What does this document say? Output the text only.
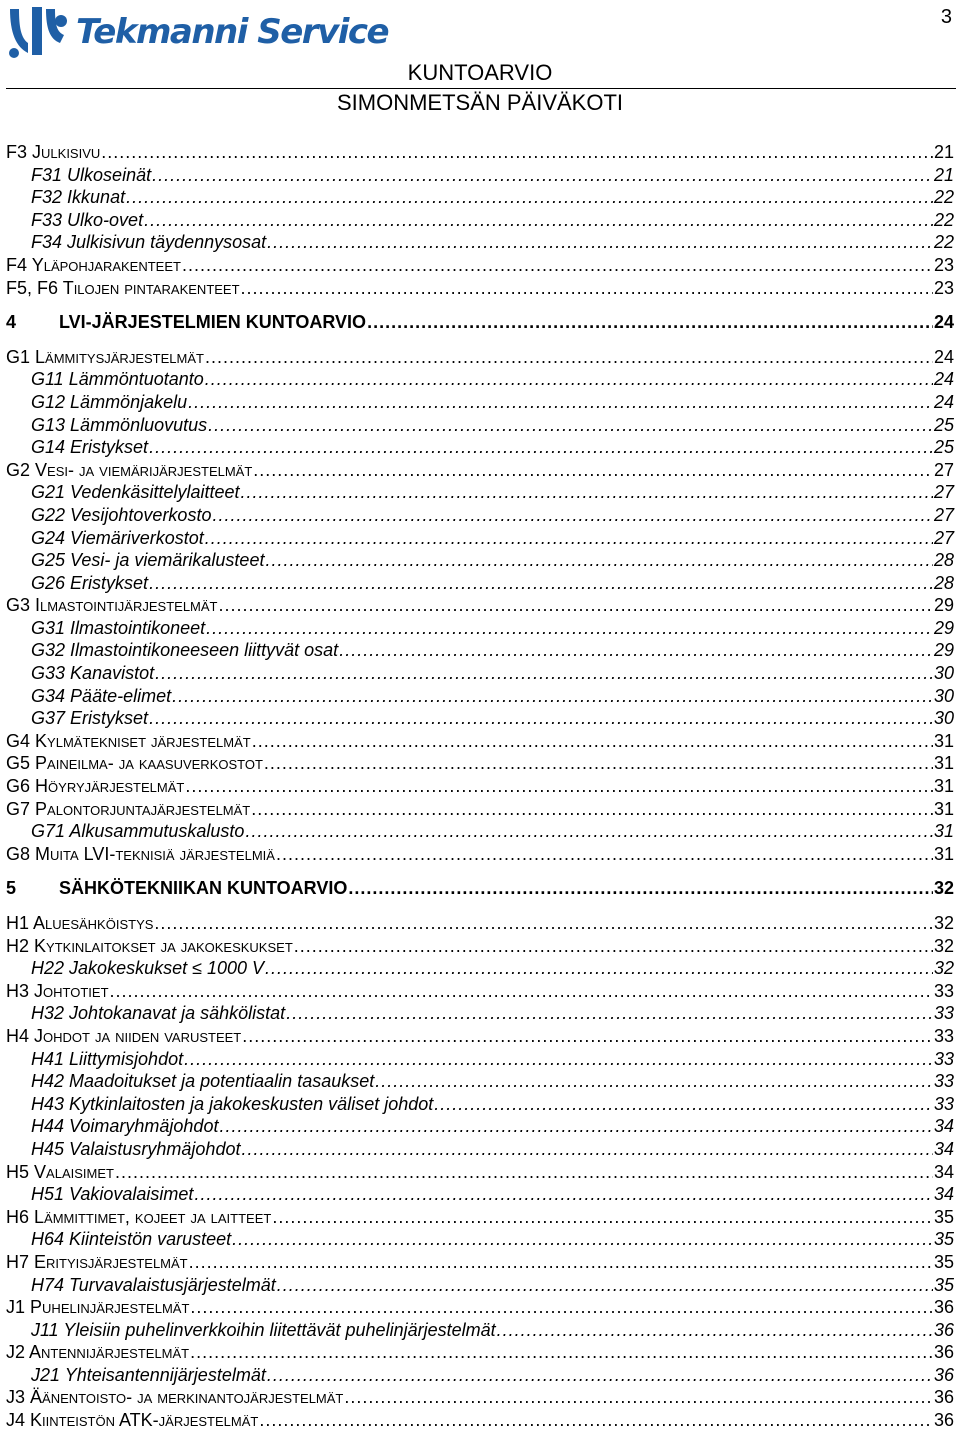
Tekmanni Service	3
KUNTOARVIO
SIMONMETSÄN PÄIVÄKOTI
F3 Julkisivu .....	21
F31 Ulkoseinät .....	21
F32 Ikkunat .....	22
F33 Ulko-ovet .....	22
F34 Julkisivun täydennysosat .....	22
F4 Yläpohjarakenteet .....	23
F5, F6 Tilojen pintarakenteet .....	23
4 LVI-JÄRJESTELMIEN KUNTOARVIO .....	24
G1 Lämmitysjärjestelmät .....	24
G11 Lämmöntuotanto .....	24
G12 Lämmönjakelu .....	24
G13 Lämmönluovutus .....	25
G14 Eristykset .....	25
G2 Vesi- ja viemärijärjestelmät .....	27
G21 Vedenkäsittelylaitteet .....	27
G22 Vesijohtoverkosto .....	27
G24 Viemäriverkostot .....	27
G25 Vesi- ja viemärikalusteet .....	28
G26 Eristykset .....	28
G3 Ilmastointijärjestelmät .....	29
G31 Ilmastointikoneet .....	29
G32 Ilmastointikoneeseen liittyvät osat .....	29
G33 Kanavistot .....	30
G34 Pääte-elimet .....	30
G37 Eristykset .....	30
G4 Kylmätekniset järjestelmät .....	31
G5 Paineilma- ja kaasuverkostot .....	31
G6 Höyryjärjestelmät .....	31
G7 Palontorjuntajärjestelmät .....	31
G71 Alkusammutuskalusto .....	31
G8 Muita LVI-teknisiä järjestelmiä .....	31
5 SÄHKÖTEKNIIKAN KUNTOARVIO .....	32
H1 Aluesähköistys .....	32
H2 Kytkinlaitokset ja jakokeskukset .....	32
H22 Jakokeskukset ≤ 1000 V .....	32
H3 Johtotiet .....	33
H32 Johtokanavat ja sähkölistat .....	33
H4 Johdot ja niiden varusteet .....	33
H41 Liittymisjohdot .....	33
H42 Maadoitukset ja potentiaalin tasaukset .....	33
H43 Kytkinlaitosten ja jakokeskusten väliset johdot .....	33
H44 Voimaryhmäjohdot .....	34
H45 Valaistusryhmäjohdot .....	34
H5 Valaisimet .....	34
H51 Vakiovalaisimet .....	34
H6 Lämmittimet, kojeet ja laitteet .....	35
H64 Kiinteistön varusteet .....	35
H7 Erityisjärjestelmät .....	35
H74 Turvavalaistusjärjestelmät .....	35
J1 Puhelinjärjestelmät .....	36
J11 Yleisiin puhelinverkkoihin liitettävät puhelinjärjestelmät .....	36
J2 Antennijärjestelmät .....	36
J21 Yhteisantennijärjestelmät .....	36
J3 Äänentoisto- ja merkinantojärjestelmät .....	36
J4 Kiinteistön ATK-järjestelmät .....	36
